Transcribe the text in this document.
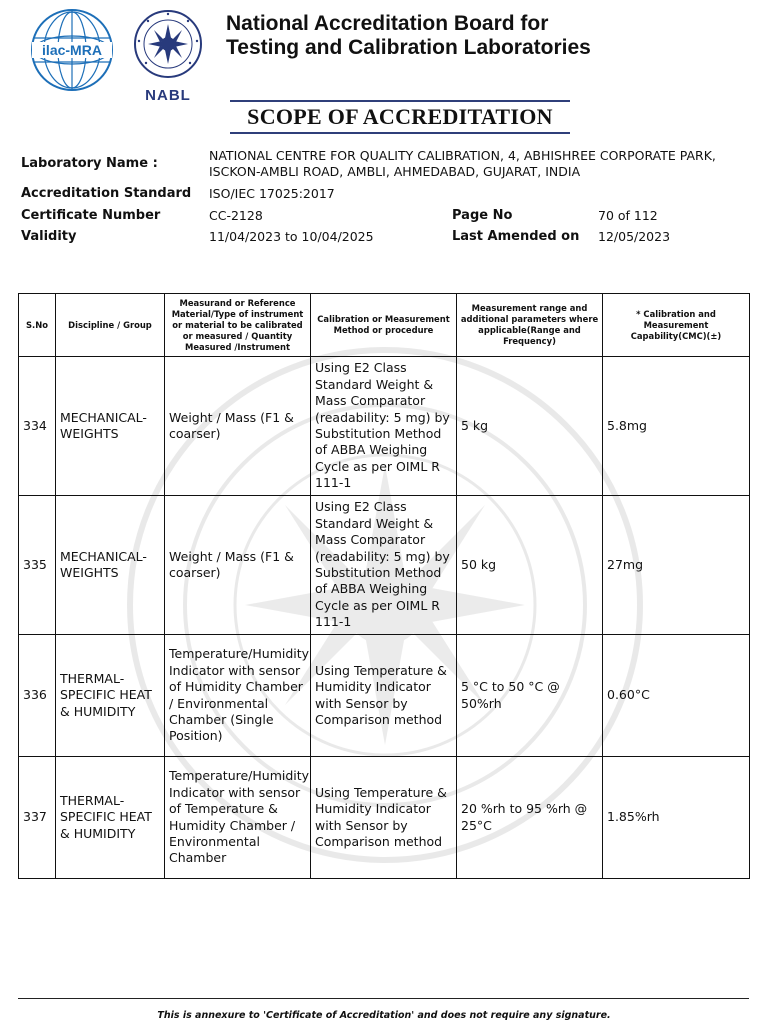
ilac-MRA
NABL
National Accreditation Board for
Testing and Calibration Laboratories
SCOPE OF ACCREDITATION
Laboratory Name :
NATIONAL CENTRE FOR QUALITY CALIBRATION, 4, ABHISHREE CORPORATE PARK,
ISCKON-AMBLI ROAD, AMBLI, AHMEDABAD, GUJARAT, INDIA
Accreditation Standard ISO/IEC 17025:2017
Certificate Number	CC-2128	Page No	70 of 112
Validity	11/04/2023 to 10/04/2025	Last Amended on 12/05/2023
S.No	Discipline / Group	Measurand or Reference Material/Type of instrument or material to be calibrated or measured / Quantity Measured /Instrument	Calibration or Measurement Method or procedure	Measurement range and additional parameters where applicable(Range and Frequency)	* Calibration and Measurement Capability(CMC)(±)
334	MECHANICAL- WEIGHTS	Weight / Mass (F1 & coarser)	Using E2 Class Standard Weight & Mass Comparator (readability: 5 mg) by Substitution Method of ABBA Weighing Cycle as per OIML R 111-1	5 kg	5.8mg
335	MECHANICAL- WEIGHTS	Weight / Mass (F1 & coarser)	Using E2 Class Standard Weight & Mass Comparator (readability: 5 mg) by Substitution Method of ABBA Weighing Cycle as per OIML R 111-1	50 kg	27mg
336	THERMAL- SPECIFIC HEAT & HUMIDITY	Temperature/Humidity Indicator with sensor of Humidity Chamber / Environmental Chamber (Single Position)	Using Temperature & Humidity Indicator with Sensor by Comparison method	5 °C to 50 °C @ 50%rh	0.60°C
337	THERMAL- SPECIFIC HEAT & HUMIDITY	Temperature/Humidity Indicator with sensor of Temperature & Humidity Chamber / Environmental Chamber	Using Temperature & Humidity Indicator with Sensor by Comparison method	20 %rh to 95 %rh @ 25°C	1.85%rh
This is annexure to 'Certificate of Accreditation' and does not require any signature.
